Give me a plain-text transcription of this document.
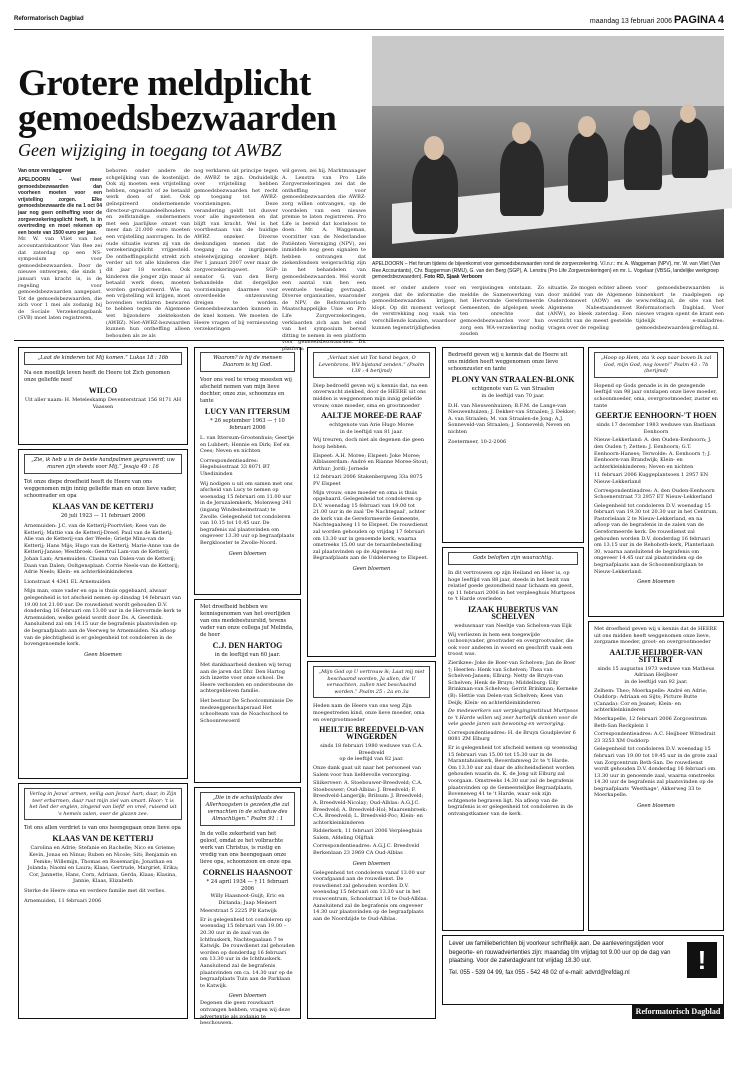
Reformatorisch Dagblad	maandag 13 februari 2006 PAGINA 4
Grotere meldplicht gemoedsbezwaarden
Geen wijziging in toegang tot AWBZ
Van onze verslaggever

APELDOORN – Veel meer gemoedsbezwaarden dan voorheen moeten voor een vrijstelling zorgen. Elke gemoedsbezwaarde die na 1 oct 04 jaar nog geen ontheffing voor de zorgverzekeringsplicht heeft, is in overtreding en moet rekenen op een boete van 1500 euro per jaar.

Mr. W. van Vliet van het accountantskantoor Van Ree zei dat zaterdag op een NS-symposium voor gemoedsbezwaarden. Door de nieuwe ontwerpen, die sinds 1 januari van kracht is, is de regeling voor gemoedsbezwaarden aangepast. Tot de gemoedsbezwaarden, die zich voor 1 mei als zodanig bij de Sociale Verzekeringsbank (SVB) moet laten registreren,

behoren onder andere de schgelijking van de kostenlijst. Ook zij moeten een vrijstelling hebben, ongeacht of ze betaald werk doen of niet. Ook geïnspireerd ondernemende directeur-grootaandeelhouders en zelfstandige ondernemers met een jaarlijkse omzet van meer dan 21.000 euro moeten een vrijstelling aanvragen. In de oude situatie waren zij van de verzekeringsplicht vrijgesteld. De ontheffingsplicht strekt zich verder uit tot alle kinderen die dit jaar 18 worden. Ook kinderen die jonger zijn maar al betaald werk doen, moeten worden geregistreerd. Wie na een vrijstelling wil krijgen, moet bovendien verklaren bezwaren te hebben tegen de Algemene wet bijzondere ziektekosten (AWBZ). Niet-AWBZ-bezwaarden kunnen hun ontheffing alleen behouden als ze als
nog verklaren uit principe tegen de AWBZ te zijn. Onduidelijk over vrijstelling hebben gemoedsbezwaarden het recht op toegang tot AWBZ-voorzieningen. Deze verandering geldt tot dusver voor alle ingezetenen en dat blijft van kracht. Wel is het voortbestaan van de huidige AWBZ onzeker. Diverse deskundigen menen dat de toegang na de ingrijpende stelselwijziging onzeker blijft. Per 1 januari 2007 over maar de zorgverzekeringswet. SGP-senator G. van den Berg behandelde dat dergelijke voorzieningen daarmee voor onverdeelde ontzenuwing dreigen te worden. Gemoedsbezwaarden kunnen in de knel komen. We moeten de Heere vragen of bij vernieuwing verzekeringen
wil geven, zei hij. Marktmanager A. Lenstra van Pro Life Zorgverzekeringen zei dat de ontheffing voor gemoedsbezwaarden die AWBZ-zorg willen ontvangen, op de voordelen van een nieuwe premie te laten registreren. Pro Life is bereid dat kosteloos te doen. Mr. A. Waggeman, voorzitter van de Nederlandse Patiënten Vereniging (NPV), zei inmiddels nog geen signalen te hebben ontvangen dat ziekenfondsen weigerachtig zijn in het behandelen van gemoedsbezwaarden. Wel wordt een aantal van hen een eventuele toeslag gevraagd. Diverse organisaties, waaronder de NPV, de Reformatorisch Maatschappelijke Unie en Pro Life Zorgverzekeringen, verklaarden zich aan het eind van het symposium bereid ditting te nemen in een platform voor gemoedsbezwaarden. Dit platform
APELDOORN – Het forum tijdens de bijeenkomst voor gemoedsbezwaarden rond de zorgverzekering. V.l.n.r.: mr. A. Waggeman (NPV), mr. W. van Vliet (Van Ree Accountants), Chr. Baggerman (RMU), G. van den Berg (SGP), A. Lenstra (Pro Life Zorgverzekeringen) en mr. L. Vogelaar (VBSG, landelijke werkgroep gemoedsbezwaarden). Foto RD, Sjaak Verboom
moet er onder andere voor zorgen dat de informatie die gemoedsbezwaarden krijgen, klopt. Op dit moment verloopt de verstrekking nog vaak via verschillende kanalen, waardoor kunnen tegenstrijdigheden
en vergissingen ontstaan. Zo meldde de Samenwerking van het Hervormde Gereformeerde Gemeenten, de afgelopen week ten onrechte dat gemoedsbezwaarden voor hun zorg een WA-verzekering nodig zouden
situatie. Ze mogen echter alleen door middel van de Algemene Ouderdomswet (AOW) en de Algemene Nabestaandenwet (ANW), zo bleek zaterdag. Een overzicht van de meest gestelde vragen over de regeling
voor gemoedsbezwaarden is binnenkort te raadplegen op www.refdag.nl, de site van het Reformatorisch Dagblad. Voor nieuwe vragen opent de krant een tijdelijk e-mailadres: gemoedsbezwaarden@refdag.nl.
„Laat de kinderen tot Mij komen.” Lukas 18 : 16b
Na een moeilijk leven heeft de Heere tot Zich genomen onze geliefde neef
WILCO
Uit aller naam: H. Meteleskamp Deventerstraat 156 8171 AH Vaassen
„Zie, ik heb u in de beide handpalmen gegraveerd; uw muren zijn steeds voor Mij.” Jesaja 49 : 16
Tot onze diepe droefheid heeft de Heere van ons weggenomen mijn innig geliefde man en onze lieve vader, schoonvader en opa
KLAAS VAN DE KETTERIJ
26 juli 1923 — 11 februari 2006
Arnemuiden: J.C. van de Ketterij-Poortvliet; Kees van de Ketterij; Mattie van de Ketterij-Dreef; Paul van de Ketterij; Alie van de Ketterij-van der Weele; Grietje Mina-van de Ketterij; Hans Mijs; Hugo van de Ketterij; Marie-Anne van de Ketterij-Jansse; Westbroek: Geertruí Lam-van de Ketterij; Johan Lam; Arnemuiden: Clasina van Dalen-van de Ketterij; Daan van Dalen; Ooltgensplaat: Corrie Neels-van de Ketterij; Adrie Neels; Klein- en achterkleinkinderen
Lionstraat 4 4341 EL Arnemuiden
Mijn man, onze vader en opa is thuis opgebaard, alwaar gelegenheid is tot afscheid nemen op dinsdag 14 februari van 19.00 tot 21.00 uur. De rouwdienst wordt gehouden D.V. donderdag 16 februari om 13.00 uur in de Hervormde kerk te Arnemuiden, welke geleid wordt door Ds. A. Geerdink. Aansluitend zal om 14.15 uur de begrafenis plaatsvinden op de begraafplaats aan de Veerweg te Arnemuiden. Na afloop van de plechtigheid is er gelegenheid tot condoleren in de bovengenoemde kerk.
Geen bloemen
Verlog in Jezus' armen, veilig aan Jezus' hart; daar, in Zijn teer erbarmen, daar rust mijn ziel van smart. Hoor: 't is het lied der englen, zingend van liefd' en vreê, ruisend uit 's hemels zalen, over de glazen zee.
Tot ons allen verdriet is van ons heengegaan onze lieve opa
KLAAS VAN DE KETTERIJ
Carolina en Adrie; Stefanie en Rachelle; Nico en Grieme; Kevin, Jonas en Ninus; Ruben en Nicole; Siti; Benjamin en Femke; Willemijn, Thomas en Rosemarijn; Jonathan en Jolanda; Naomi en Laura; Klaas, Gertrude, Margriet, Erika; Cor, Jannette, Hans, Corn, Adriaan, Gerda, Klaas; Klasina, Jannie, Klaas, Elizabeth
Sterke de Heere oma en verdere familie met dit verlies.
Arnemuiden, 11 februari 2006
Waarom? is hij de mensen Daarom is hij God.
Voor ons veel te vroeg moesten wij afscheid nemen van mijn lieve dochter, onze zus, schoonzus en tante
LUCY VAN ITTERSUM
* 26 september 1963 — † 10 februari 2006
L. van Ittersum-Grootenhuis; Geertje en Lubbert; Hennie en Dirk; Eef en Cees; Neven en nichten
Correspondentieadres: Hegebuisstraat 33 8071 BT Uhedininden
Wij nodigen u uit om samen met ons afscheid van Lucy te nemen op woensdag 15 februari om 11.00 uur in de Jeruzalemkerk, Molenweg 241 (ingang Windesheimstraat) te Zwolle. Gelegenheid tot condoleren van 10.15 tot 10.45 uur. De begrafenis zal plaatsvinden om ongeveer 13.30 uur op begraafplaats Bergklooster te Zwolle-Noord.
Geen bloemen
Met droefheid hebben we kennisgenomen van het overlijden van ons medebestuurslid, tevens vader van onze collega juf Melinda, de heer
C.J. DEN HARTOG
in de leeftijd van 60 jaar.
Met dankbaarheid denken wij terug aan de jaren dat Dhr. Den Hartog zich inzette voor onze school. De Heere verbonden en ondersteune de achtergebleven familie.
Het bestuur De Schoolcommissie De medezeggenschapsraad Het schoolteam van de Noachschool te Schoonrewoerd
„Die in de schuilplaats des Allerhoogsten is gezeten,die zal vernachten in de schaduw des Almachtigen.” Psalm 91 : 1
In de volle zekerheid van het geloof, omdat ze het volbrachte werk van Christus, is rustig en vredig van ons heengegaan onze lieve opa, schoonzoon en onze opa
CORNELIS HAASNOOT
* 24 april 1934 — † 11 februari 2006
Willy Haasnoot-Guijt; Eric en Dirlanda; Jaap Meinert
Meerstraat 5 2225 PB Katwijk
Er is gelegenheid tot condoleren op woensdag 15 februari van 19.00 – 20.30 uur in de zaal van de Ichthuskerk, Nachtegaalaan 7 te Katwijk. De rouwdienst zal gehouden worden op donderdag 16 februari om 13.30 uur in de Ichthuskerk. Aansluitend zal de begrafenis plaatsvinden om ca. 14.30 uur op de begraafplaats Tuin aan de Parklaan te Katwijk.
Geen bloemen
Degenen die geen rouwkaart ontvangen hebben, vragen wij deze advertentie als zodanig te beschouwen.
Bedroefd geven wij u kennis dat de Heere uit ons midden heeft weggenomen onze lieve schoonzuster en tante
PLONY VAN STRAALEN-BLONK
echtgenote van G. van Straalen
in de leeftijd van 70 jaar.
D.H. van Nieuwenhuizen; B.F.M. de Lange-van Nieuwenhuizen; J. Dekker-van Straalen; J. Dekker; A. van Straalen; M. van Straalen-de Jong; A.J. Sonneveld-van Straalen; J. Sonneveld; Neven en nichten
Zoetermeer, 10-2-2006
Gods beloften zijn waarachtig.
In dit vertrouwen op zijn Heiland en Heer is, op hoge leeftijd van 88 jaar, steeds in het bezit van relatief goede gezondheid naar lichaam en geest, op 11 februari 2006 in het verpleeghuis Murtpoos te 't Harde overleden
IZAAK HUBERTUS VAN SCHELVEN
weduwnaar van Neeltje van Schelven-van Eijk
Wij verliezen in hem een toegewijde (schoon)vader, grootvader en overgrootvader, die ook voor anderen in woord en geschrift vaak een troost was.
Zierikzee: Joke de Boer-van Schelven; Jan de Boer †; Heerlen: Henk van Schelven; Thea van Schelven-Jansen; Elburg: Netty de Bruyn-van Schelven; Henk de Bruyn; Middelburg: Elly Brinkman-van Schelven; Gerrit Brinkman; Kerneke (B): Hettie van Delen-van Schelven; Kees van Deijk; Klein- en achterkleinkinderen
De medewerkers van verpleginginstituut Murtpoos te 't Harde willen wij zeer hartelijk danken voor de vele goede jaren van bewoning en verzorging.
Correspondentieadres: H. de Bruyn Goudplevier 6 8081 ZM Elburg
Er is gelegenheid tot afscheid nemen op woensdag 15 februari van 15.00 tot 15.30 uur in de Marantahuiskerk, Beverdamweg 2c te 't Harde. Om 13.30 uur zal daar de afscheidsdienst worden gehouden waarin ds. K. de Jong uit Elburg zal voorgaan. Omstreeks 14.30 uur zal de begrafenis plaatsvinden op de Gemeentelijke Begraafplaats, Boveneweg 41 te 't Harde, waar ook zijn echtgenote begraven ligt. Na afloop van de begrafenis is er gelegenheid tot condoleren in de ontvangstkamer van de kerk.
„Hoop op Hem, ztа 'k oop naar boven Ik zal God, mijn God, nog loven!” Psalm 43 : 7b (berijmd)
Hopend op Gods genade is in de gezegende leeftijd van 98 jaar ontslapen onze lieve moeder, schoonmoeder, oma, overgrootmoeder, zuster en tante
GEERTJE EENHOORN-'T HOEN
sinds 17 december 1983 weduwe van Bastiaan Eenhoorn
Nieuw-Lekkerland: A. den Ouden-Eenhoorn; J. den Ouden †; Zetten: J. Eenhoorn; G.T. Eenhoorn-Hanses; Terwolde: A. Eenhoorn †; J. Eenhoorn-van Brandwijk; Klein- en achterkleinkinderen; Neven en nichten
11 februari 2006 Kuggeplantsoen 1 2957 EN Nieuw-Lekkerland
Correspondentieadres: A. den Ouden-Eenhoorn Schoenerstraat 73 2957 ET Nieuw-Lekkerland
Gelegenheid tot condoleren D.V. woensdag 15 februari van 19.30 tot 20.30 uur in het Centrum, Pastorielaan 2 te Nieuw-Lekkerland, en na afloop van de begrafenis in de zalen van de Gereformeerde kerk. De rouwdienst zal gehouden worden D.V. donderdag 16 februari om 13.15 uur in de Rehoboth-kerk, Planteriaan 30, waarna aansluitend de begrafenis om ongeveer 14.45 uur zal plaatsvinden op de begraafplaats aan de Schoonenburglaan te Nieuw-Lekkerland.
Geen bloemen
Met droefheid geven wij u kennis dat de HEERE uit ons midden heeft weggenomen onze lieve, zorgzame moeder, groot- en overgrootmoeder
AALTJE HEIJBOER-VAN SITTERT
sinds 15 augustus 1973 weduwe van Matheus Adriaan Heijboer
in de leeftijd van 92 jaar.
Zelhem: Theo; Moerkapelle: André en Adrie; Ouddorp: Adriaan en Sijts; Picture Butte (Canada): Cor en Jeanet; Klein- en achterkleinkinderen
Moerkapelle, 12 februari 2006 Zorgcentrum Beth-San Reckplein 1
Correspondentieadres: A.C. Heijboer Wittedrait 23 3253 XM Ouddorp
Gelegenheid tot condoleren D.V. woensdag 15 februari van 19.00 tot 19.45 uur in de grote zaal van Zorgcentrum Beth-San. De rouwdienst wordt gehouden D.V. donderdag 16 februari om 13.30 uur in genoemde zaal, waarna omstreeks 14.30 uur de begrafenis zal plaatsvinden op de begraafplaats 'Westhage', Akkerweg 33 te Moerkapelle.
Geen bloemen
Lever uw familieberichten bij voorkeur schriftelijk aan. De aanleveringstijden voor begeorte- en rouwadvertenties zijn: maandag t/m vrijdag tot 9.00 uur op de dag van plaatsing. Voor de zaterdagkrant tot vrijdag 18.30 uur.
Tel. 055 - 539 04 99, fax 055 - 542 48 02 of e-mail: advrd@refdag.nl	!
Reformatorisch Dagblad
„Verlaat niet uit Tot hand begon, O Levenbrons, Wil bijstand zenden.” (Psalm 138 : 4 berijmd)
Diep bedroefd geven wij u kennis dat, na een onverwacht ziekbed, door de HEERE uit ons midden is weggenomen mijn innig geliefde vrouw, onze moeder, oma en grootmoeder
AALTJE MOREE-DE RAAF
echtgenote van Arie Hugo Moree
in de leeftijd van 81 jaar.
Wij treuren, doch niet als degenen die geen hoop hebben.
Elspeet: A.H. Moree; Elspeet: Joke Moree; Alblasserdam: André en Rianne Moree-Stout; Arthur; Jordi; Jornede
12 februari 2006 Stakenbergweg 33a 8075 PV Elspeet
Mijn vrouw, onze moeder en oma is thuis opgebaard. Gelegenheid tot condoleren op D.V. woensdag 15 februari van 19.00 tot 21.00 uur in de zaal 'De Nachtegaal', achter de kerk van de Gereformeerde Gemeente, Nachtegaalweg 11 te Elspeet. De rouwdienst zal worden gehouden op vrijdag 17 februari om 13.30 uur in genoemde kerk, waarna omstreeks 15.00 uur de teraardebestelling zal plaatsvinden op de Algemene Begraafplaats aan de Uddelerweg te Elspeet.
Geen bloemen
„Mijn God op U vertrouw ik; Laat mij niet beschaamd worden, Ja allen, die U verwachten, zullen niet beschaamd worden.” Psalm 25 : 2a en 3a
Heden nam de Heere van ons weg Zijn moegestreden kind, onze lieve moeder, oma en overgrootmoeder
HEILTJE BREEDVELD-VAN WINGERDEN
sinds 18 februari 1980 weduwe van C.A. Breedveld
op de leeftijd van 82 jaar.
Onze dank gaat uit naar het personeel van Salem voor hun liefdevolle verzorging.
Sliikerveer: A. Stoebouwer-Breedveld; C.A. Stoebouwer; Oud-Alblas: J. Breedveld; F. Breedveld-Langerijk; Brilsum: J. Breedveld; A. Breedveld-Nicolay; Oud-Alblas: A.G.J.C. Breedveld; A. Breedveld-Hol; Maarsenbroek: C.A. Breedveld; L. Breedveld-Poc; Klein- en achterkleinkinderen
Ridderkerk, 11 februari 2006 Verpleeghuis Salem, Afdeling Olijftak
Correspondentieadres: A.G.J.C. Breedveld Berkenlaan 23 2969 CA Oud-Alblas
Geen bloemen
Gelegenheid tot condoleren vanaf 13.00 uur voorafgaand aan de rouwdienst. De rouwdienst zal gehouden worden D.V. woensdag 15 februari om 13.30 uur in het rouwcentrum, Schoolstraat 16 te Oud-Alblas. Aansluitend zal de begrafenis om ongeveer 14.30 uur plaatsvinden op de begraafplaats aan de Noordzijde te Oud-Alblas.
